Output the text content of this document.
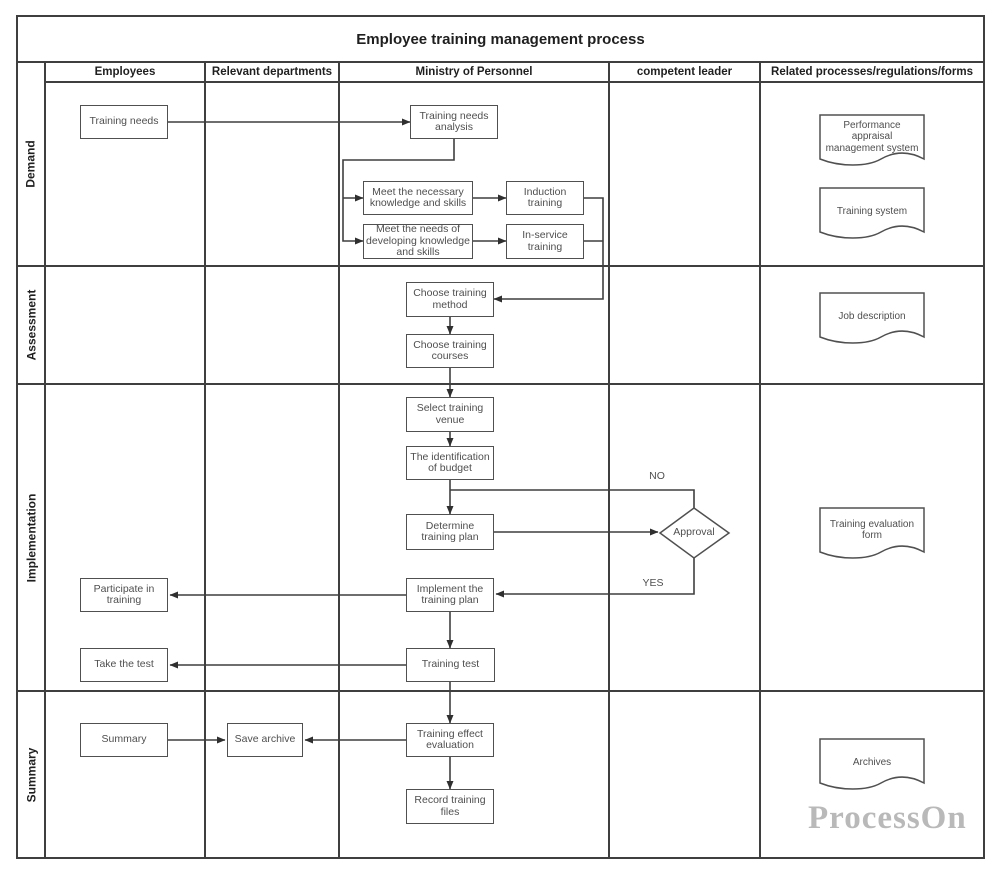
Employee training management process
Employees	Relevant departments	Ministry of Personnel	competent leader	Related processes/regulations/forms
Demand
Assessment
Implementation
Summary
Training needs	Training needs analysis
Meet the necessary knowledge and skills
Meet the needs of developing knowledge and skills
Induction training
In-service training
Choose training method
Choose training courses
Select training venue
The identification of budget
Determine training plan
Implement the training plan
Participate in training
Training test
Take the test
Summary	Save archive	Training effect evaluation
Record training files
Approval
NO
YES
Performance appraisal management system
Training system
Job description
Training evaluation form
Archives
ProcessOn
